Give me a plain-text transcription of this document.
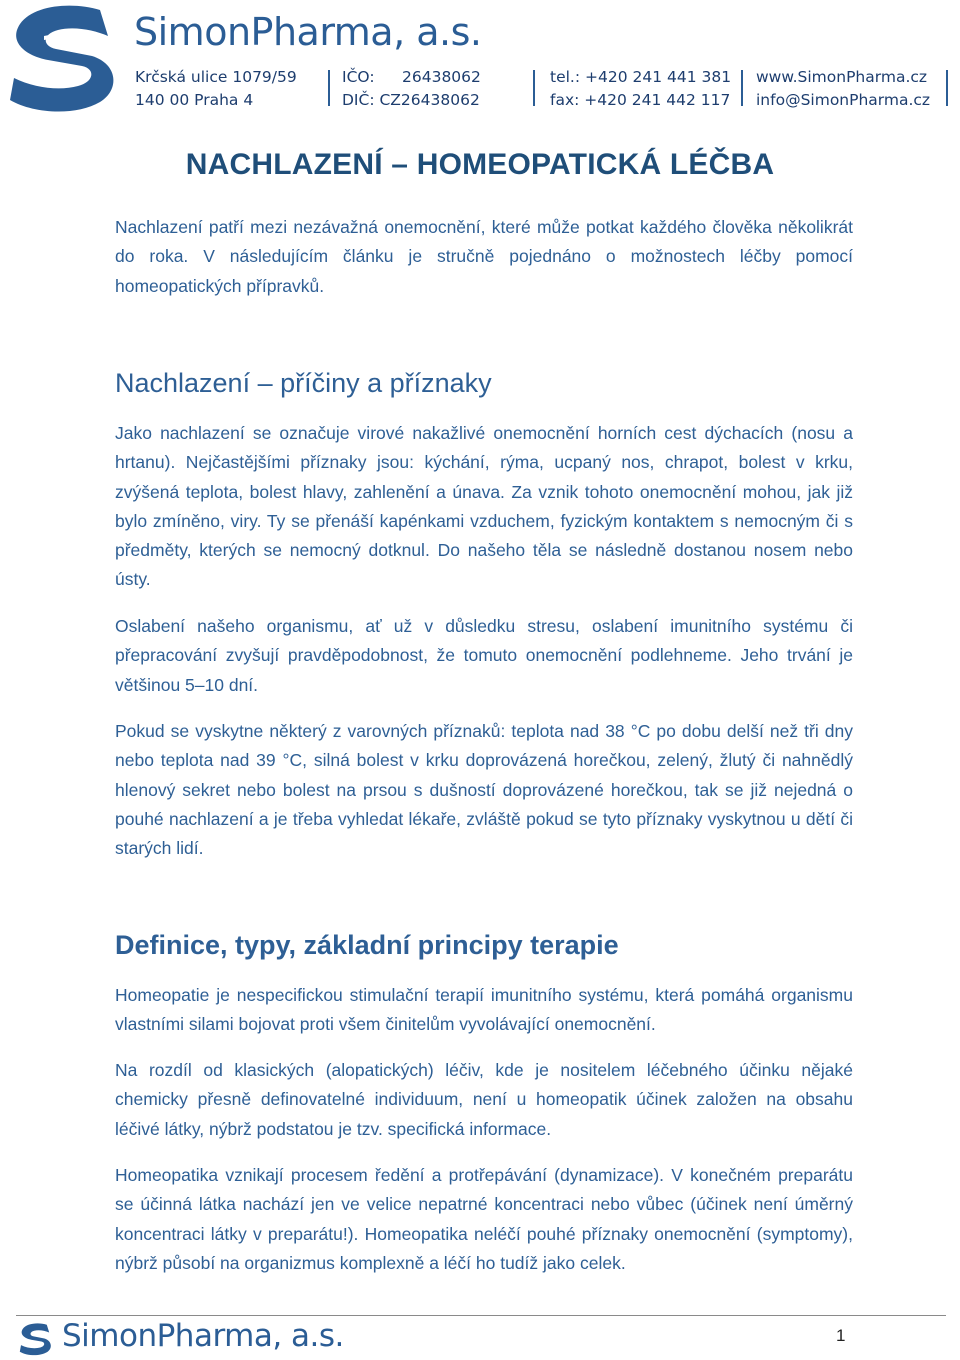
SimonPharma, a.s.
Krčská ulice 1079/59
140 00 Praha 4
IČO: 26438062
DIČ: CZ26438062
tel.: +420 241 441 381
fax: +420 241 442 117
www.SimonPharma.cz
info@SimonPharma.cz
NACHLAZENÍ – HOMEOPATICKÁ LÉČBA
Nachlazení patří mezi nezávažná onemocnění, které může potkat každého člověka několikrát do roka. V následujícím článku je stručně pojednáno o možnostech léčby pomocí homeopatických přípravků.
Nachlazení – příčiny a příznaky
Jako nachlazení se označuje virové nakažlivé onemocnění horních cest dýchacích (nosu a hrtanu). Nejčastějšími příznaky jsou: kýchání, rýma, ucpaný nos, chrapot, bolest v krku, zvýšená teplota, bolest hlavy, zahlenění a únava. Za vznik tohoto onemocnění mohou, jak již bylo zmíněno, viry. Ty se přenáší kapénkami vzduchem, fyzickým kontaktem s nemocným či s předměty, kterých se nemocný dotknul. Do našeho těla se následně dostanou nosem nebo ústy.
Oslabení našeho organismu, ať už v důsledku stresu, oslabení imunitního systému či přepracování zvyšují pravděpodobnost, že tomuto onemocnění podlehneme. Jeho trvání je většinou 5–10 dní.
Pokud se vyskytne některý z varovných příznaků: teplota nad 38 °C po dobu delší než tři dny nebo teplota nad 39 °C, silná bolest v krku doprovázená horečkou, zelený, žlutý či nahnědlý hlenový sekret nebo bolest na prsou s dušností doprovázené horečkou, tak se již nejedná o pouhé nachlazení a je třeba vyhledat lékaře, zvláště pokud se tyto příznaky vyskytnou u dětí či starých lidí.
Definice, typy, základní principy terapie
Homeopatie je nespecifickou stimulační terapií imunitního systému, která pomáhá organismu vlastními silami bojovat proti všem činitelům vyvolávající onemocnění.
Na rozdíl od klasických (alopatických) léčiv, kde je nositelem léčebného účinku nějaké chemicky přesně definovatelné individuum, není u homeopatik účinek založen na obsahu léčivé látky, nýbrž podstatou je tzv. specifická informace.
Homeopatika vznikají procesem ředění a protřepávání (dynamizace). V konečném preparátu se účinná látka nachází jen ve velice nepatrné koncentraci nebo vůbec (účinek není úměrný koncentraci látky v preparátu!). Homeopatika neléčí pouhé příznaky onemocnění (symptomy), nýbrž působí na organizmus komplexně a léčí ho tudíž jako celek.
SimonPharma, a.s.	1
